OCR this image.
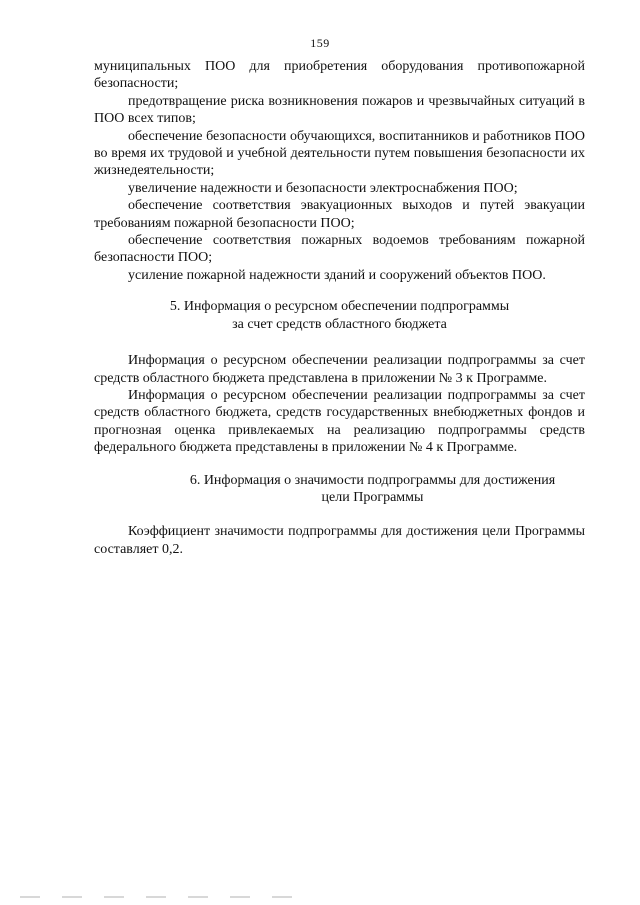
159

муниципальных ПОО для приобретения оборудования противопожарной безопасности;

предотвращение риска возникновения пожаров и чрезвычайных ситуаций в ПОО всех типов;

обеспечение безопасности обучающихся, воспитанников и работников ПОО во время их трудовой и учебной деятельности путем повышения безопасности их жизнедеятельности;

увеличение надежности и безопасности электроснабжения ПОО;

обеспечение соответствия эвакуационных выходов и путей эвакуации требованиям пожарной безопасности ПОО;

обеспечение соответствия пожарных водоемов требованиям пожарной безопасности ПОО;

усиление пожарной надежности зданий и сооружений объектов ПОО.

5. Информация о ресурсном обеспечении подпрограммы
за счет средств областного бюджета

Информация о ресурсном обеспечении реализации подпрограммы за счет средств областного бюджета представлена в приложении № 3 к Программе.

Информация о ресурсном обеспечении реализации подпрограммы за счет средств областного бюджета, средств государственных внебюджетных фондов и прогнозная оценка привлекаемых на реализацию подпрограммы средств федерального бюджета представлены в приложении № 4 к Программе.

6. Информация о значимости подпрограммы для достижения
цели Программы

Коэффициент значимости подпрограммы для достижения цели Программы составляет 0,2.
